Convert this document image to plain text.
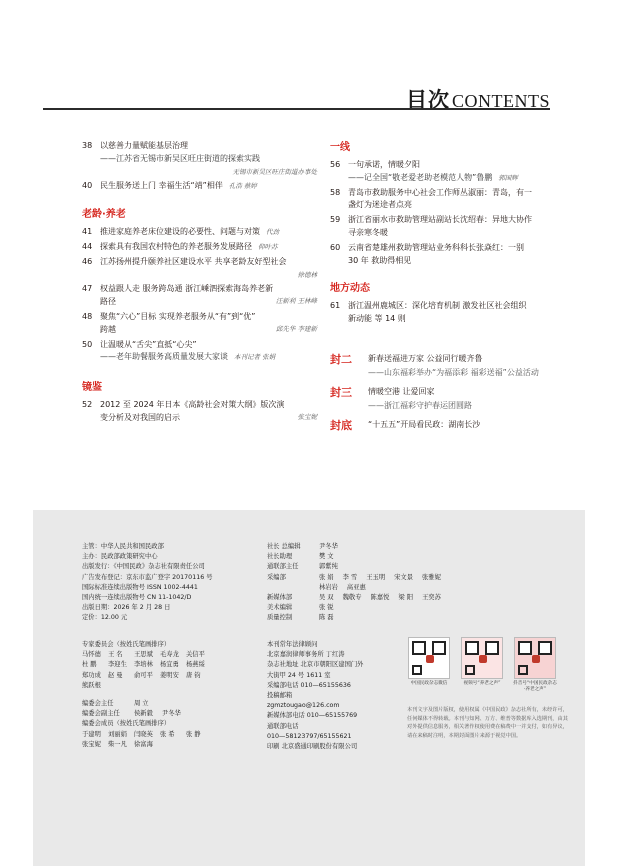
目次 CONTENTS
38 以慈善力量赋能基层治理
——江苏省无锡市新吴区旺庄街道的探索实践
无锡市新吴区旺庄街道办事处
40 民生服务送上门 幸福生活“靖”相伴 孔浩 蔡婷
老龄·养老
41 推进家庭养老床位建设的必要性、问题与对策 代劲
44 探索具有我国农村特色的养老服务发展路径 仰叶苏
46 江苏扬州提升颐养社区建设水平 共享老龄友好型社会
徐德林
47 权益跟人走 服务跨岛通 浙江嵊泗探索海岛养老新
路径	汪新利 王林峰
48 聚焦“六心”目标 实现养老服务从“有”到“优”
跨越	邱先华 李建新
50 让温暖从“舌尖”直抵“心尖”
——老年助餐服务高质量发展大家谈 本刊记者 张娟
镜鉴
52 2012 至 2024 年日本《高龄社会对策大纲》版次演
变分析及对我国的启示	张宝妮
一线
56 一句承诺，情暖夕阳
——记全国“敬老爱老助老模范人物”鲁鹏 郭国辉
58 青岛市救助服务中心社会工作师丛淑丽：青岛，有一
盏灯为迷途者点亮
59 浙江省丽水市救助管理站副站长沈绍春：异地大协作
寻亲寒冬暖
60 云南省楚雄州救助管理站业务科科长张焱红：一别
30 年 救助得相见
地方动态
61 浙江温州鹿城区：深化培育机制 激发社区社会组织
新动能 等 14 则
封二	新春送福进万家 公益同行暖齐鲁
——山东福彩举办“为福添彩 福彩送福”公益活动
封三	情暖空港 让爱回家
——浙江福彩守护春运团圆路
封底	“十五五”开局看民政：湖南长沙
主管：中华人民共和国民政部
主办：民政部政策研究中心
出版发行：《中国民政》杂志社有限责任公司
广告发布登记：京东市监广登字 20170116 号
国际标准连续出版物号 ISSN 1002-4441
国内统一连续出版物号 CN 11-1042/D
出版日期：2026 年 2 月 28 日
定价：12.00 元
社长 总编辑	尹冬华
社长助理	樊 文
通联部主任	郭紫纯
采编部	张 娟 李 雪 王玉明 宋文景 张雅妮
林岩岩 高亚惠
新媒体部	吴 双 魏敬专 陈嘉悦 梁 阳 王奕苏
美术编辑	张 锐
质量控制	陈 磊
专家委员会（按姓氏笔画排序）
马怀德 王 名 王思斌 毛寿龙 关信平
杜 鹏 李迎生 李培林 杨宜勇 杨燕绥
郑功成 赵 曼 俞可平 姜明安 唐 钧
熊跃根
编委会主任	周 立
编委会副主任	侯新毅 尹冬华
编委会成员（按姓氏笔画排序）
于建明 刘丽娟 闫晓英 张 希 张 静
张宝妮 柴一凡 徐富海
本刊常年法律顾问
北京嘉润律师事务所 丁红涛
杂志社地址 北京市朝阳区建国门外
大街甲 24 号 1611 室
采编部电话 010—65155636
投稿邮箱
zgmztougao@126.com
新媒体部电话 010—65155769
通联部电话
010—58123797/65155621
印刷 北京盛通印刷股份有限公司
中国民政杂志微信	视频号“养老之声”	抖音号“中国民政杂志·养老之声”
本刊文字及图片版权，使用权属《中国民政》杂志社所有，未经许可，任何媒体不得转载。本刊与知网、万方、维普等数据库入选期刊，由其对外提供信息服务，相关著作权使用费在稿费中一并支付，如有异议，请在来稿时注明，本期封面图片来源于视觉中国。
